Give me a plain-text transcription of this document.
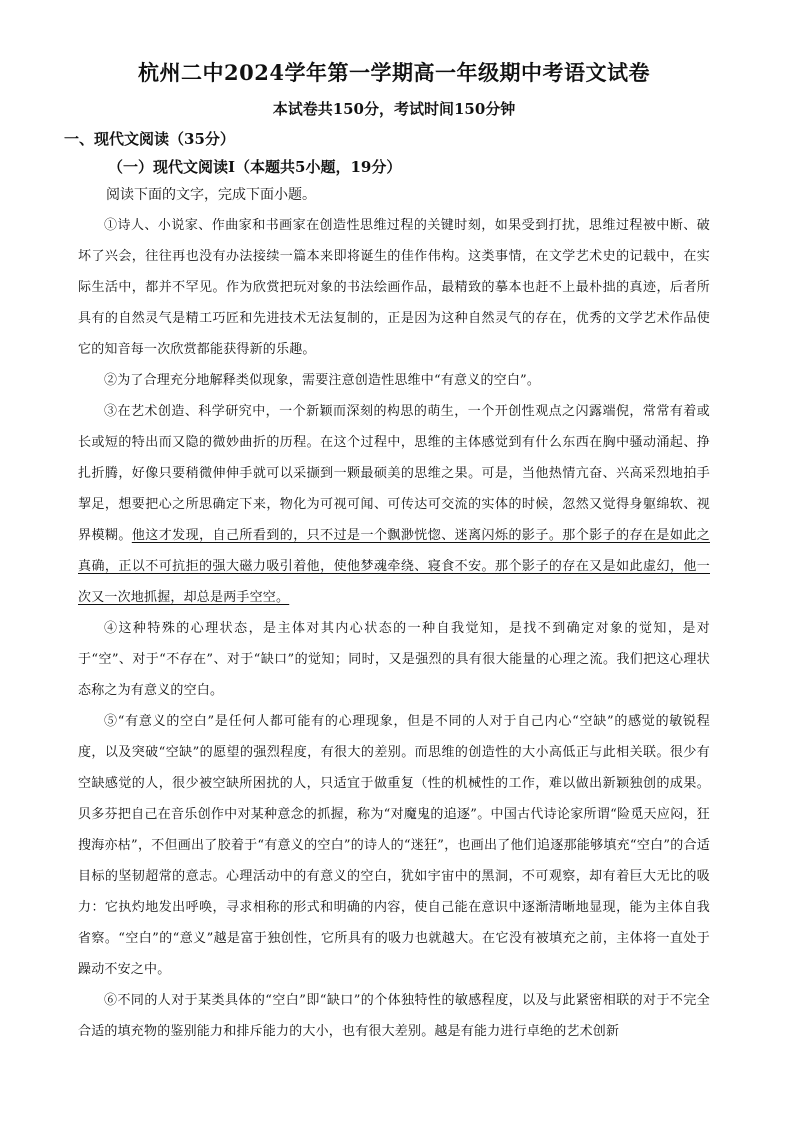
杭州二中2024学年第一学期高一年级期中考语文试卷
本试卷共150分，考试时间150分钟
一、现代文阅读（35分）
（一）现代文阅读Ⅰ（本题共5小题，19分）
阅读下面的文字，完成下面小题。

①诗人、小说家、作曲家和书画家在创造性思维过程的关键时刻，如果受到打扰，思维过程被中断、破坏了兴会，往往再也没有办法接续一篇本来即将诞生的佳作伟构。这类事情，在文学艺术史的记载中，在实际生活中，都并不罕见。作为欣赏把玩对象的书法绘画作品，最精致的摹本也赶不上最朴拙的真迹，后者所具有的自然灵气是精工巧匠和先进技术无法复制的，正是因为这种自然灵气的存在，优秀的文学艺术作品使它的知音每一次欣赏都能获得新的乐趣。

②为了合理充分地解释类似现象，需要注意创造性思维中“有意义的空白”。

③在艺术创造、科学研究中，一个新颖而深刻的构思的萌生，一个开创性观点之闪露端倪，常常有着或长或短的特出而又隐的微妙曲折的历程。在这个过程中，思维的主体感觉到有什么东西在胸中骚动涌起、挣扎折腾，好像只要稍微伸伸手就可以采撷到一颗最硕美的思维之果。可是，当他热情亢奋、兴高采烈地拍手挈足，想要把心之所思确定下来，物化为可视可闻、可传达可交流的实体的时候，忽然又觉得身躯绵软、视界模糊。他这才发现，自己所看到的，只不过是一个飘渺恍惚、迷离闪烁的影子。那个影子的存在是如此之真确，正以不可抗拒的强大磁力吸引着他，使他梦魂牵绕、寝食不安。那个影子的存在又是如此虚幻，他一次又一次地抓握，却总是两手空空。

④这种特殊的心理状态，是主体对其内心状态的一种自我觉知，是找不到确定对象的觉知，是对于“空”、对于“不存在”、对于“缺口”的觉知；同时，又是强烈的具有很大能量的心理之流。我们把这心理状态称之为有意义的空白。

⑤“有意义的空白”是任何人都可能有的心理现象，但是不同的人对于自己内心“空缺”的感觉的敏锐程度，以及突破“空缺”的愿望的强烈程度，有很大的差别。而思维的创造性的大小高低正与此相关联。很少有空缺感觉的人，很少被空缺所困扰的人，只适宜于做重复（性的机械性的工作，难以做出新颖独创的成果。贝多芬把自己在音乐创作中对某种意念的抓握，称为“对魔鬼的追逐”。中国古代诗论家所谓“险觅天应闷，狂搜海亦枯”，不但画出了胶着于“有意义的空白”的诗人的“迷狂”，也画出了他们追逐那能够填充“空白”的合适目标的坚韧超常的意志。心理活动中的有意义的空白，犹如宇宙中的黑洞，不可观察，却有着巨大无比的吸力：它执灼地发出呼唤，寻求相称的形式和明确的内容，使自己能在意识中逐渐清晰地显现，能为主体自我省察。“空白”的“意义”越是富于独创性，它所具有的吸力也就越大。在它没有被填充之前，主体将一直处于躁动不安之中。

⑥不同的人对于某类具体的“空白”即“缺口”的个体独特性的敏感程度，以及与此紧密相联的对于不完全合适的填充物的鉴别能力和排斥能力的大小，也有很大差别。越是有能力进行卓绝的艺术创新
